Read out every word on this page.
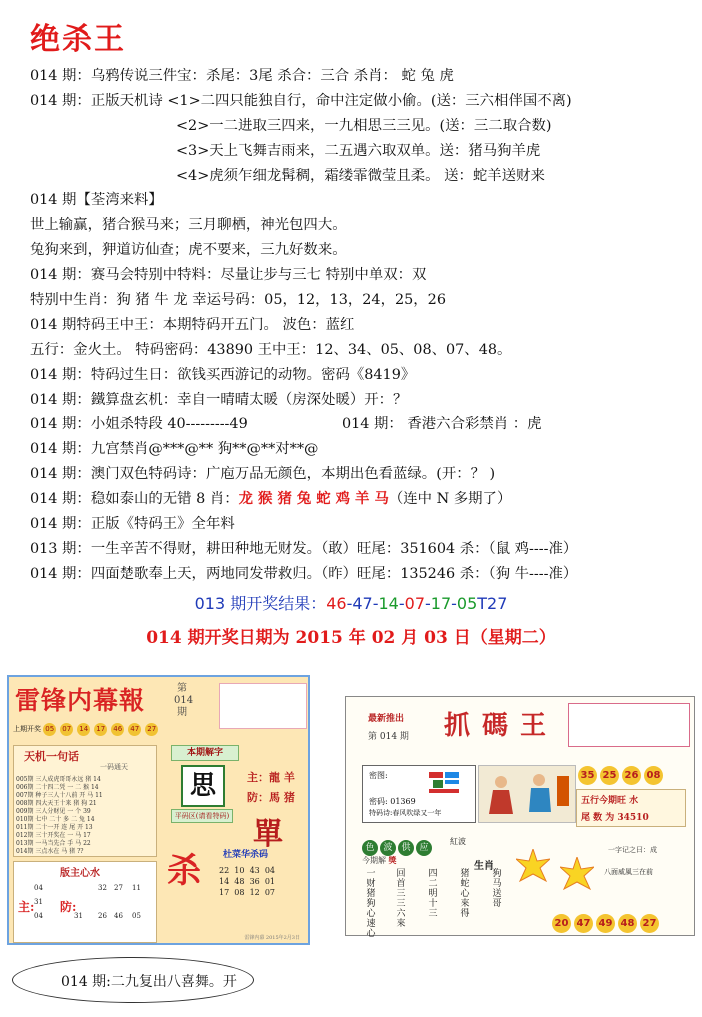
绝杀王
014 期：乌鸦传说三件宝：杀尾：3尾 杀合：三合 杀肖： 蛇 兔 虎
014 期：正版天机诗 <1>二四只能独自行，命中注定做小偷。(送：三六相伴国不离)
<2>一二进取三四来，一九相思三三见。(送：三二取合数)
<3>天上飞舞吉雨来，二五遇六取双单。送：猪马狗羊虎
<4>虎须乍细龙髯稠，霜缕霏微莹且柔。 送：蛇羊送财来
014 期【荃湾来料】
世上输赢，猪合猴马来；三月聊栖，神光包四大。
兔狗来到，狎道访仙查；虎不要来，三九好数来。
014 期：赛马会特别中特料：尽量让步与三七 特别中单双：双
特别中生肖：狗 猪 牛 龙 幸运号码：05，12，13，24，25，26
014 期特码王中王：本期特码开五门。 波色：蓝红
五行：金火土。 特码密码：43890 王中王：12、34、05、08、07、48。
014 期：特码过生日：欲钱买西游记的动物。密码《8419》
014 期：鐵算盘玄机：幸自一晴晴太暖（房深处暖）开：？
014 期：小姐杀特段 40---------49	014 期： 香港六合彩禁肖 ：虎
014 期：九宫禁肖@***@** 狗**@**对**@
014 期：澳门双色特码诗：广庖万品无颜色，本期出色看蓝绿。(开：？ )
014 期：稳如泰山的无错 8 肖：龙 猴 猪 兔 蛇 鸡 羊 马（连中 N 多期了）
014 期：正版《特码王》全年料
013 期：一生辛苦不得财，耕田种地无财发。（敢）旺尾：351604 杀：（鼠 鸡----准）
014 期：四面楚歌奉上天，两地同发带救归。（昨）旺尾：135246 杀：（狗 牛----准）
013 期开奖结果：46-47-14-07-17-05T27
014 期开奖日期为 2015 年 02 月 03 日（星期二）
雷锋内幕報	第014期
上期开奖 05 07 14 17 46 47 27
天机一句话
一码通天
005期 三人成虎哥哥永远 猪 14
006期 二十四二凭 一 二 猴 14
007期 种子三人十八前 开 马 11
008期 四大天王十来 猪 狗 21
009期 三人分财见 一 个 39
010期 七中 二十 多 二 兔 14
011期 二十一开 连 尾 开 13
012期 三十开奖在 一 马 17
013期 一马当先合 手 马 22
014期 三点水在 马 猪 ??
版主心水
主: 防:
04
31
32 27 11
04	31 26 46 05
本期解字
思	主：龍 羊
防：馬 猪
平码区(请看特码)
單
杀 杜菜华杀码
22 10 43 04
14 48 36 01
17 08 12 07
雷锋内幕 2015年2月3日
最新推出
第 014 期 抓碼王
密图:
密码: 01369
特码诗:春风吹绿又一年
35 25 26 08
五行今期旺 水
尾 数 为 34510
色 波 供 应
紅波
今期解 獎
一财猪狗心速心
回首三三六來
四二明十三
猪蛇心來得
狗马送哥
生肖
一字记之曰：成
八面威風三在前
20 47 49 48 27
014 期:二九复出八喜舞。开
